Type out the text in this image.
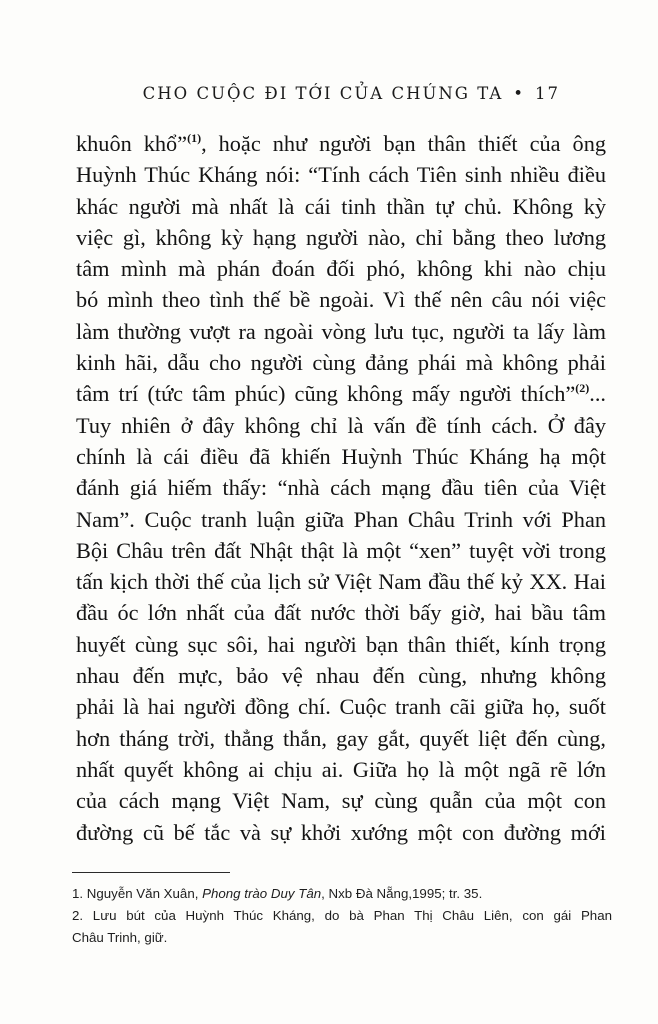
CHO CUỘC ĐI TỚI CỦA CHÚNG TA • 17
khuôn khổ”$^{(1)}$, hoặc như người bạn thân thiết của ông
Huỳnh Thúc Kháng nói: “Tính cách Tiên sinh nhiều điều
khác người mà nhất là cái tinh thần tự chủ. Không kỳ
việc gì, không kỳ hạng người nào, chỉ bằng theo lương
tâm mình mà phán đoán đối phó, không khi nào chịu
bó mình theo tình thế bề ngoài. Vì thế nên câu nói việc
làm thường vượt ra ngoài vòng lưu tục, người ta lấy làm
kinh hãi, dẫu cho người cùng đảng phái mà không phải
tâm trí (tức tâm phúc) cũng không mấy người thích”$^{(2)}$...
Tuy nhiên ở đây không chỉ là vấn đề tính cách. Ở đây
chính là cái điều đã khiến Huỳnh Thúc Kháng hạ một
đánh giá hiếm thấy: “nhà cách mạng đầu tiên của Việt
Nam”. Cuộc tranh luận giữa Phan Châu Trinh với Phan
Bội Châu trên đất Nhật thật là một “xen” tuyệt vời trong
tấn kịch thời thế của lịch sử Việt Nam đầu thế kỷ XX. Hai
đầu óc lớn nhất của đất nước thời bấy giờ, hai bầu tâm
huyết cùng sục sôi, hai người bạn thân thiết, kính trọng
nhau đến mực, bảo vệ nhau đến cùng, nhưng không
phải là hai người đồng chí. Cuộc tranh cãi giữa họ, suốt
hơn tháng trời, thẳng thắn, gay gắt, quyết liệt đến cùng,
nhất quyết không ai chịu ai. Giữa họ là một ngã rẽ lớn
của cách mạng Việt Nam, sự cùng quẫn của một con
đường cũ bế tắc và sự khởi xướng một con đường mới
1. Nguyễn Văn Xuân, Phong trào Duy Tân, Nxb Đà Nẵng,1995; tr. 35.
2. Lưu bút của Huỳnh Thúc Kháng, do bà Phan Thị Châu Liên, con gái Phan
Châu Trinh, giữ.
